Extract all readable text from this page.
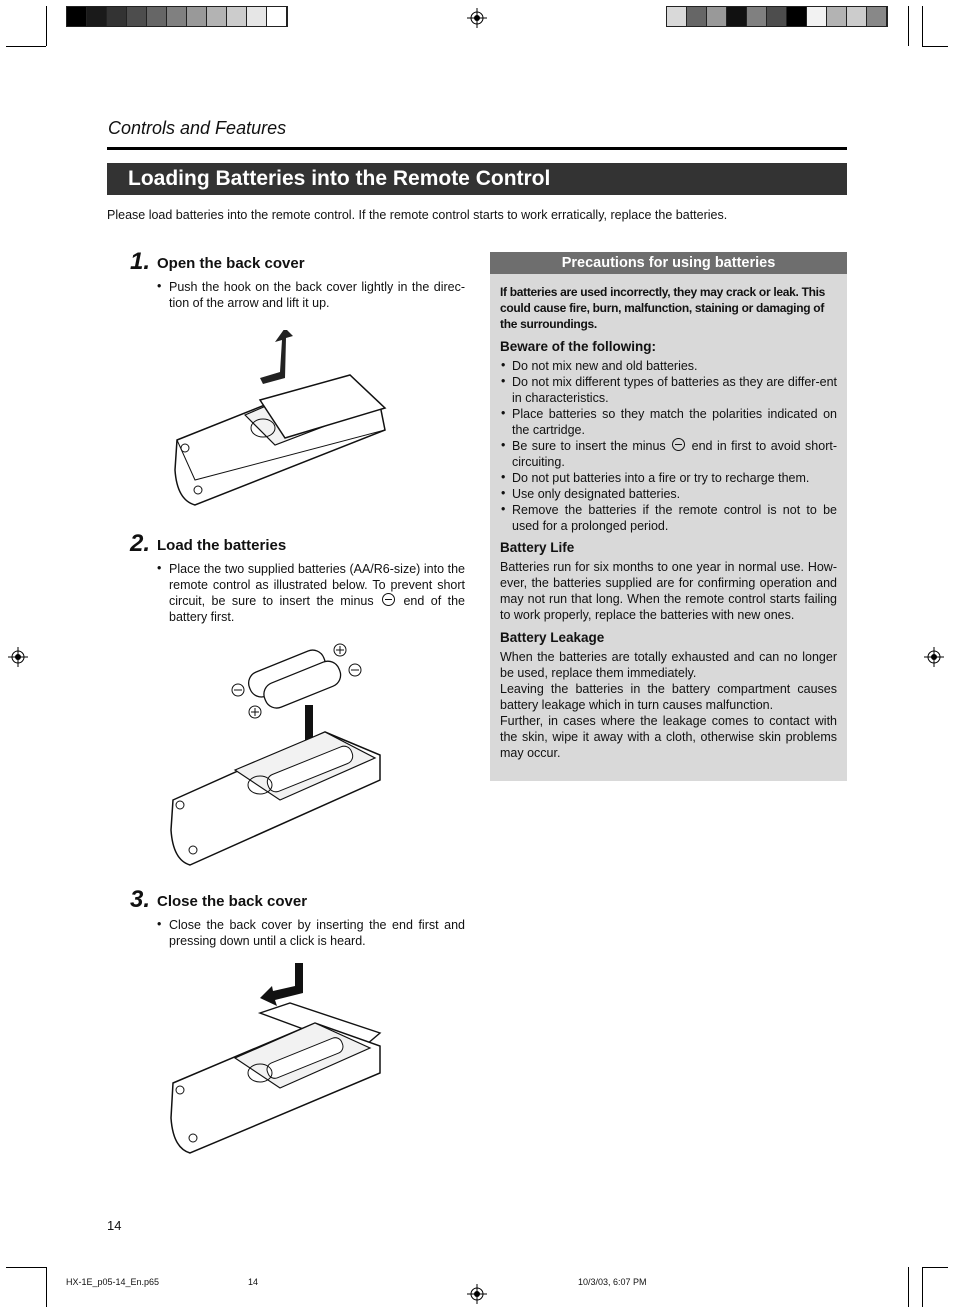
Controls and Features
Loading Batteries into the Remote Control
Please load batteries into the remote control. If the remote control starts to work erratically, replace the batteries.
1. Open the back cover
• Push the hook on the back cover lightly in the direc-tion of the arrow and lift it up.
2. Load the batteries
• Place the two supplied batteries (AA/R6-size) into the remote control as illustrated below. To prevent short circuit, be sure to insert the minus end of the battery first.
3. Close the back cover
• Close the back cover by inserting the end first and pressing down until a click is heard.
Precautions for using batteries
If batteries are used incorrectly, they may crack or leak. This could cause fire, burn, malfunction, staining or damaging of the surroundings.
Beware of the following:
• Do not mix new and old batteries.
• Do not mix different types of batteries as they are differ-ent in characteristics.
• Place batteries so they match the polarities indicated on the cartridge.
• Be sure to insert the minus end in first to avoid short-circuiting.
• Do not put batteries into a fire or try to recharge them.
• Use only designated batteries.
• Remove the batteries if the remote control is not to be used for a prolonged period.
Battery Life
Batteries run for six months to one year in normal use. How-ever, the batteries supplied are for confirming operation and may not run that long. When the remote control starts failing to work properly, replace the batteries with new ones.
Battery Leakage
When the batteries are totally exhausted and can no longer be used, replace them immediately.
Leaving the batteries in the battery compartment causes battery leakage which in turn causes malfunction.
Further, in cases where the leakage comes to contact with the skin, wipe it away with a cloth, otherwise skin problems may occur.
14
HX-1E_p05-14_En.p65	14	10/3/03, 6:07 PM
